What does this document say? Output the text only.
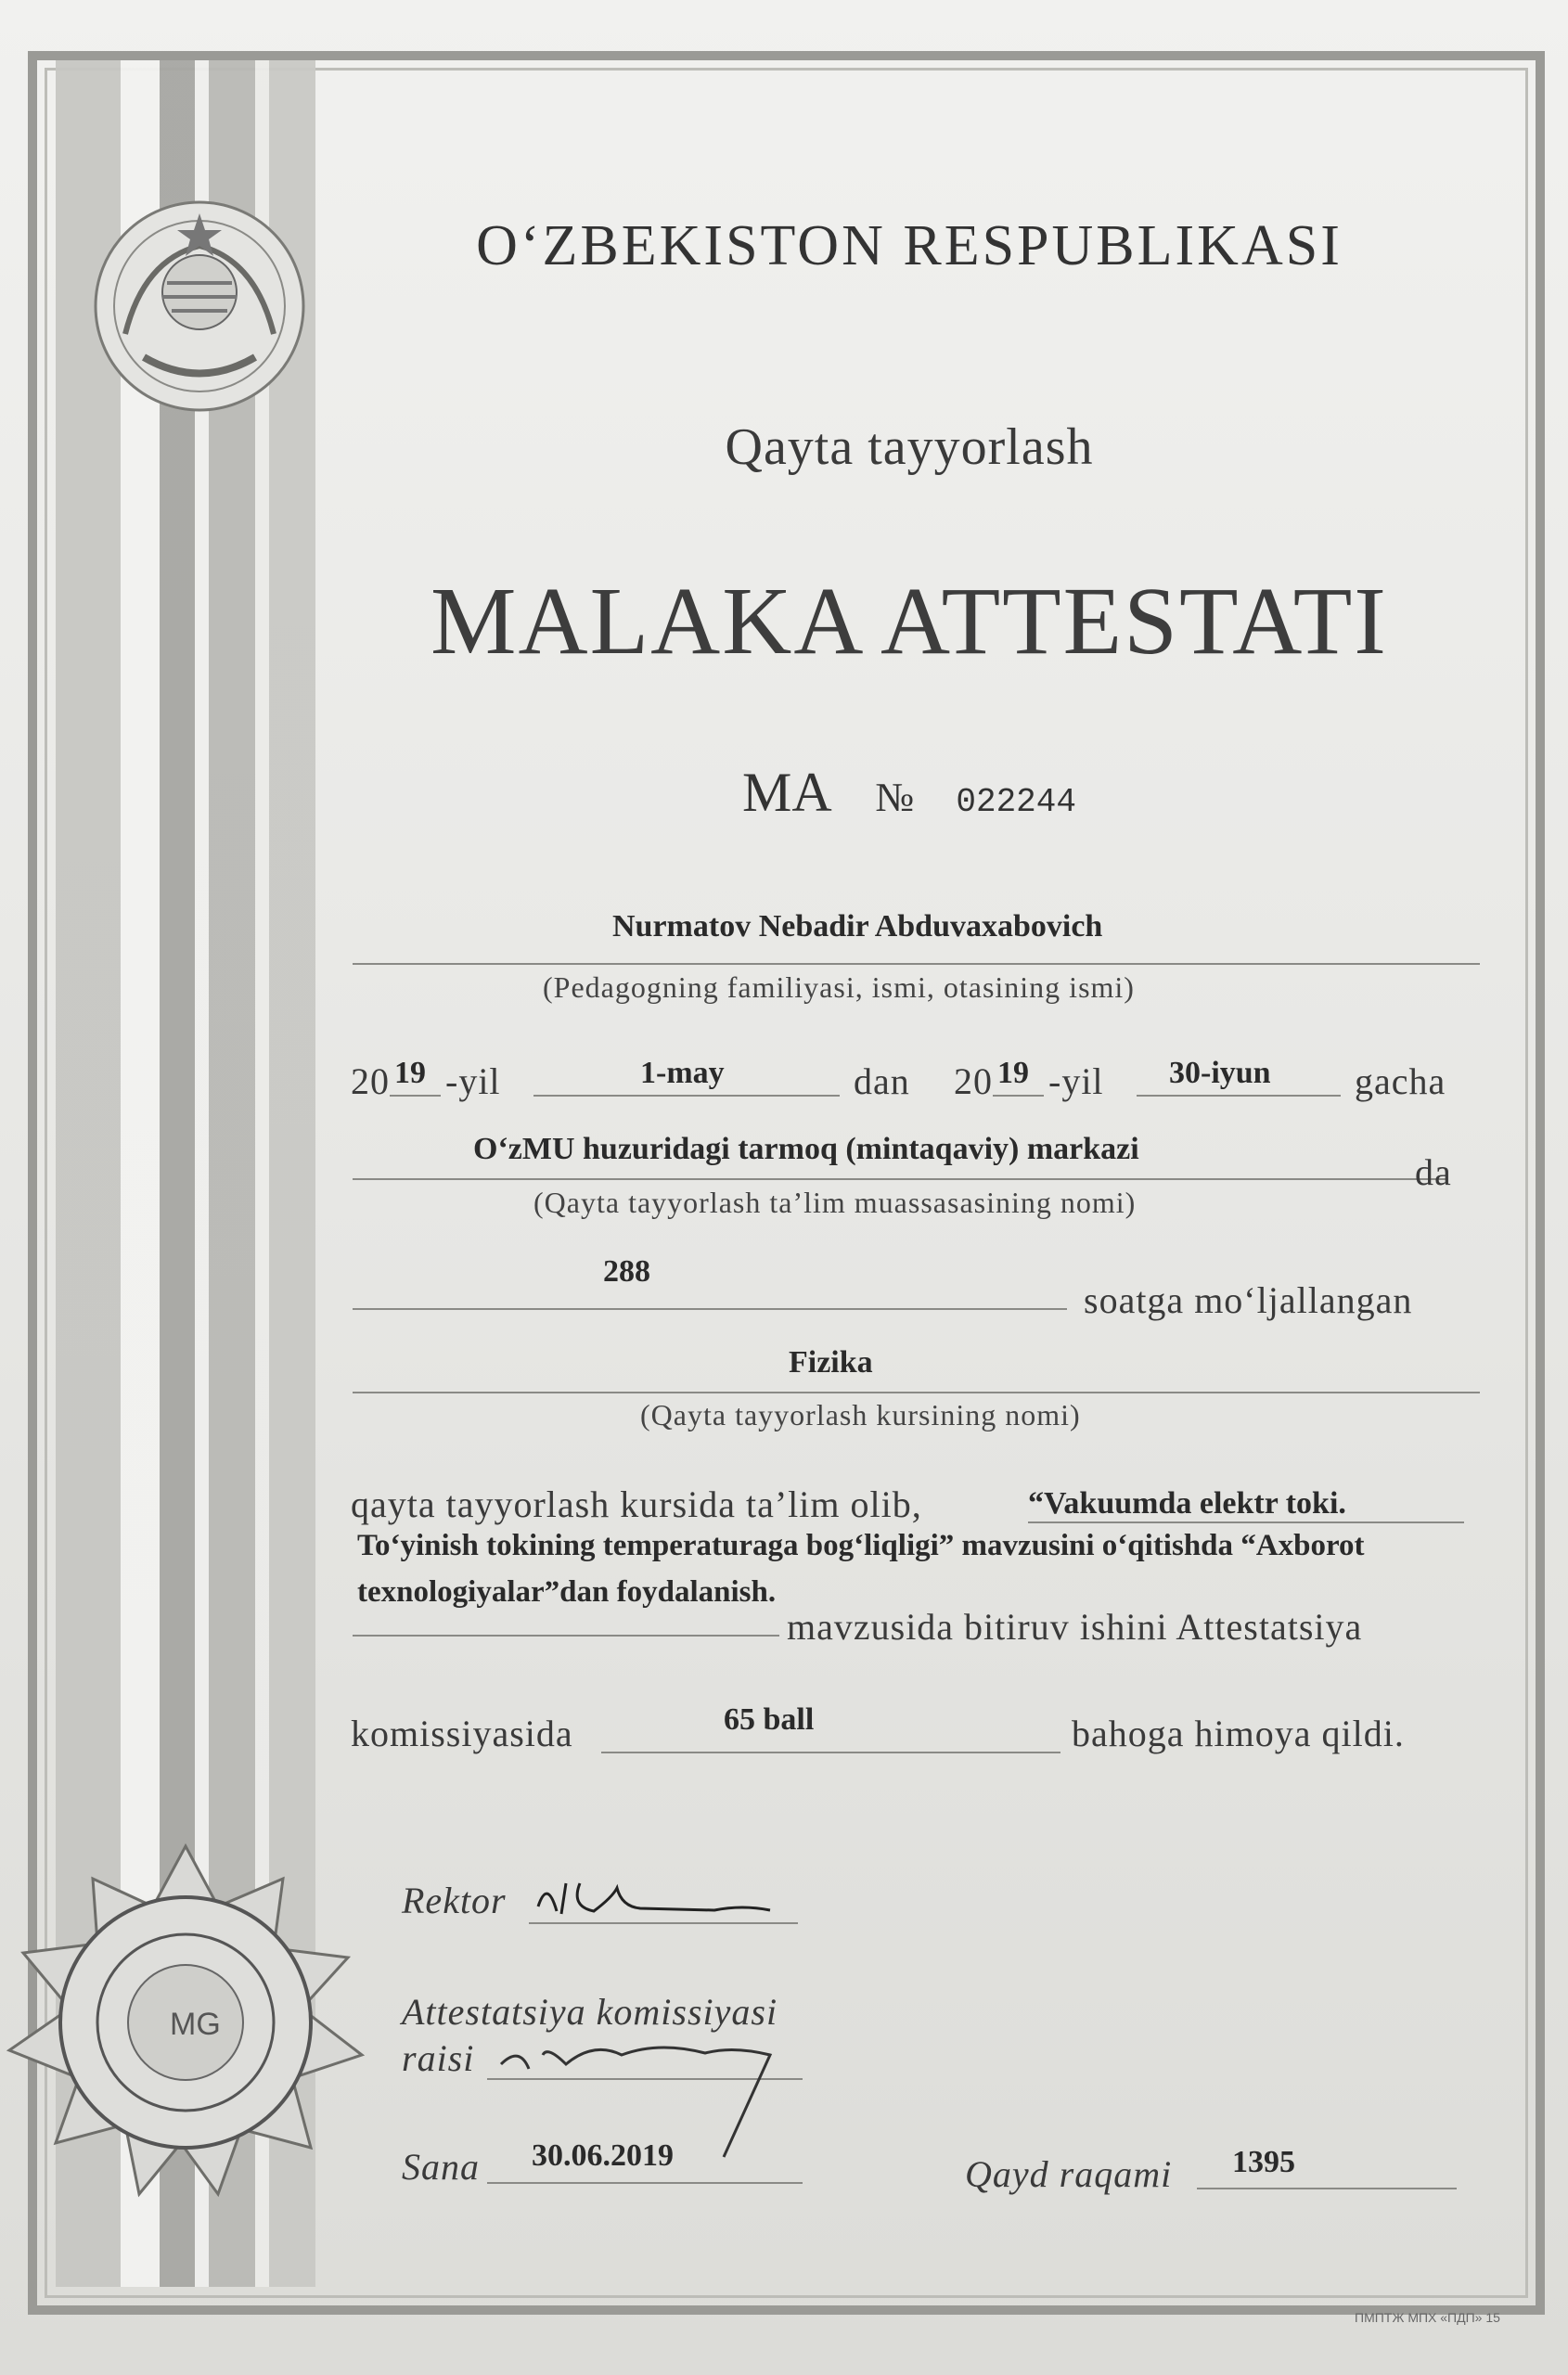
MG
O‘ZBEKISTON RESPUBLIKASI
Qayta tayyorlash
MALAKA ATTESTATI
MA № 022244
Nurmatov Nebadir Abduvaxabovich
(Pedagogning familiyasi, ismi, otasining ismi)
20 19 -yil	1-may	dan 20 19 -yil 30-iyun gacha
O‘zMU huzuridagi tarmoq (mintaqaviy) markazi
da
(Qayta tayyorlash ta’lim muassasasining nomi)
288
soatga mo‘ljallangan
Fizika
(Qayta tayyorlash kursining nomi)
qayta tayyorlash kursida ta’lim olib,	“Vakuumda elektr toki.
To‘yinish tokining temperaturaga bog‘liqligi” mavzusini o‘qitishda “Axborot
texnologiyalar”dan foydalanish.
mavzusida bitiruv ishini Attestatsiya
komissiyasida	65 ball	bahoga himoya qildi.
Rektor
Attestatsiya komissiyasi
raisi
Sana 30.06.2019	Qayd raqami 1395
ПМПТЖ МПХ «ПДП» 15
